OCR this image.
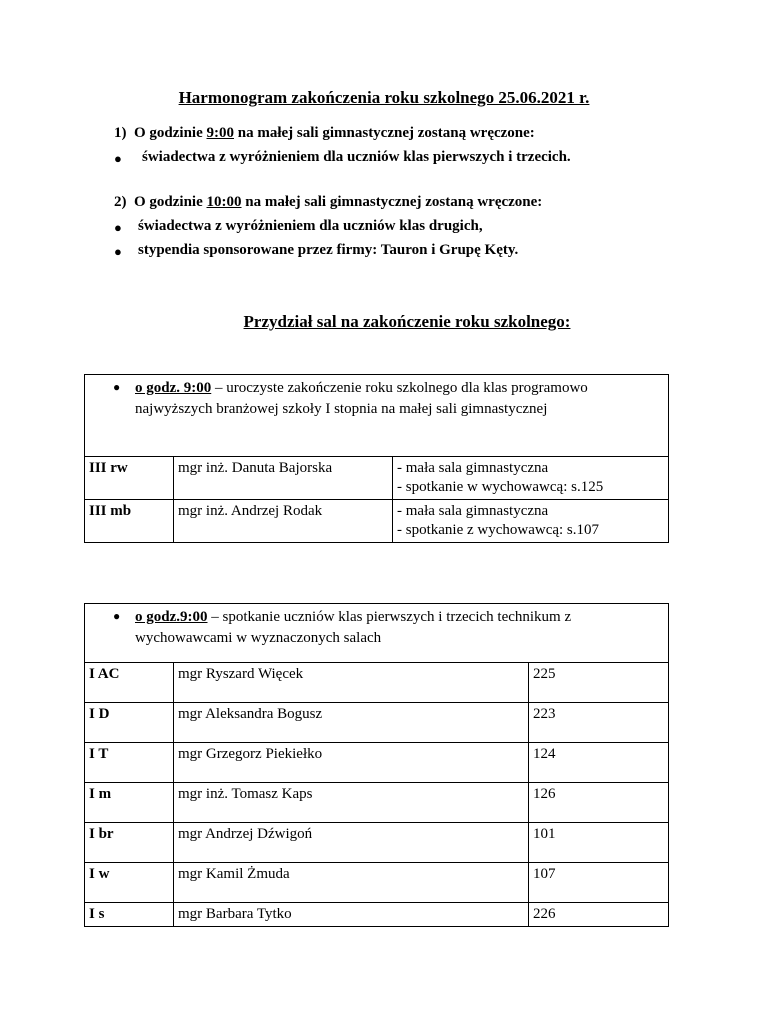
Harmonogram zakończenia roku szkolnego 25.06.2021 r.
1) O godzinie 9:00 na małej sali gimnastycznej zostaną wręczone:
● świadectwa z wyróżnieniem dla uczniów klas pierwszych i trzecich.
2) O godzinie 10:00 na małej sali gimnastycznej zostaną wręczone:
● świadectwa z wyróżnieniem dla uczniów klas drugich,
● stypendia sponsorowane przez firmy: Tauron i Grupę Kęty.
Przydział sal na zakończenie roku szkolnego:
● o godz. 9:00 – uroczyste zakończenie roku szkolnego dla klas programowo najwyższych branżowej szkoły I stopnia na małej sali gimnastycznej		
III rw	mgr inż. Danuta Bajorska	- mała sala gimnastyczna
- spotkanie w wychowawcą: s.125

III mb	mgr inż. Andrzej Rodak	- mała sala gimnastyczna
- spotkanie z wychowawcą: s.107
● o godz.9:00 – spotkanie uczniów klas pierwszych i trzecich technikum z wychowawcami w wyznaczonych salach		
I AC	mgr Ryszard Więcek	225
I D	mgr Aleksandra Bogusz	223
I T	mgr Grzegorz Piekiełko	124
I m	mgr inż. Tomasz Kaps	126
I br	mgr Andrzej Dźwigoń	101
I w	mgr Kamil Żmuda	107
I s	mgr Barbara Tytko	226
